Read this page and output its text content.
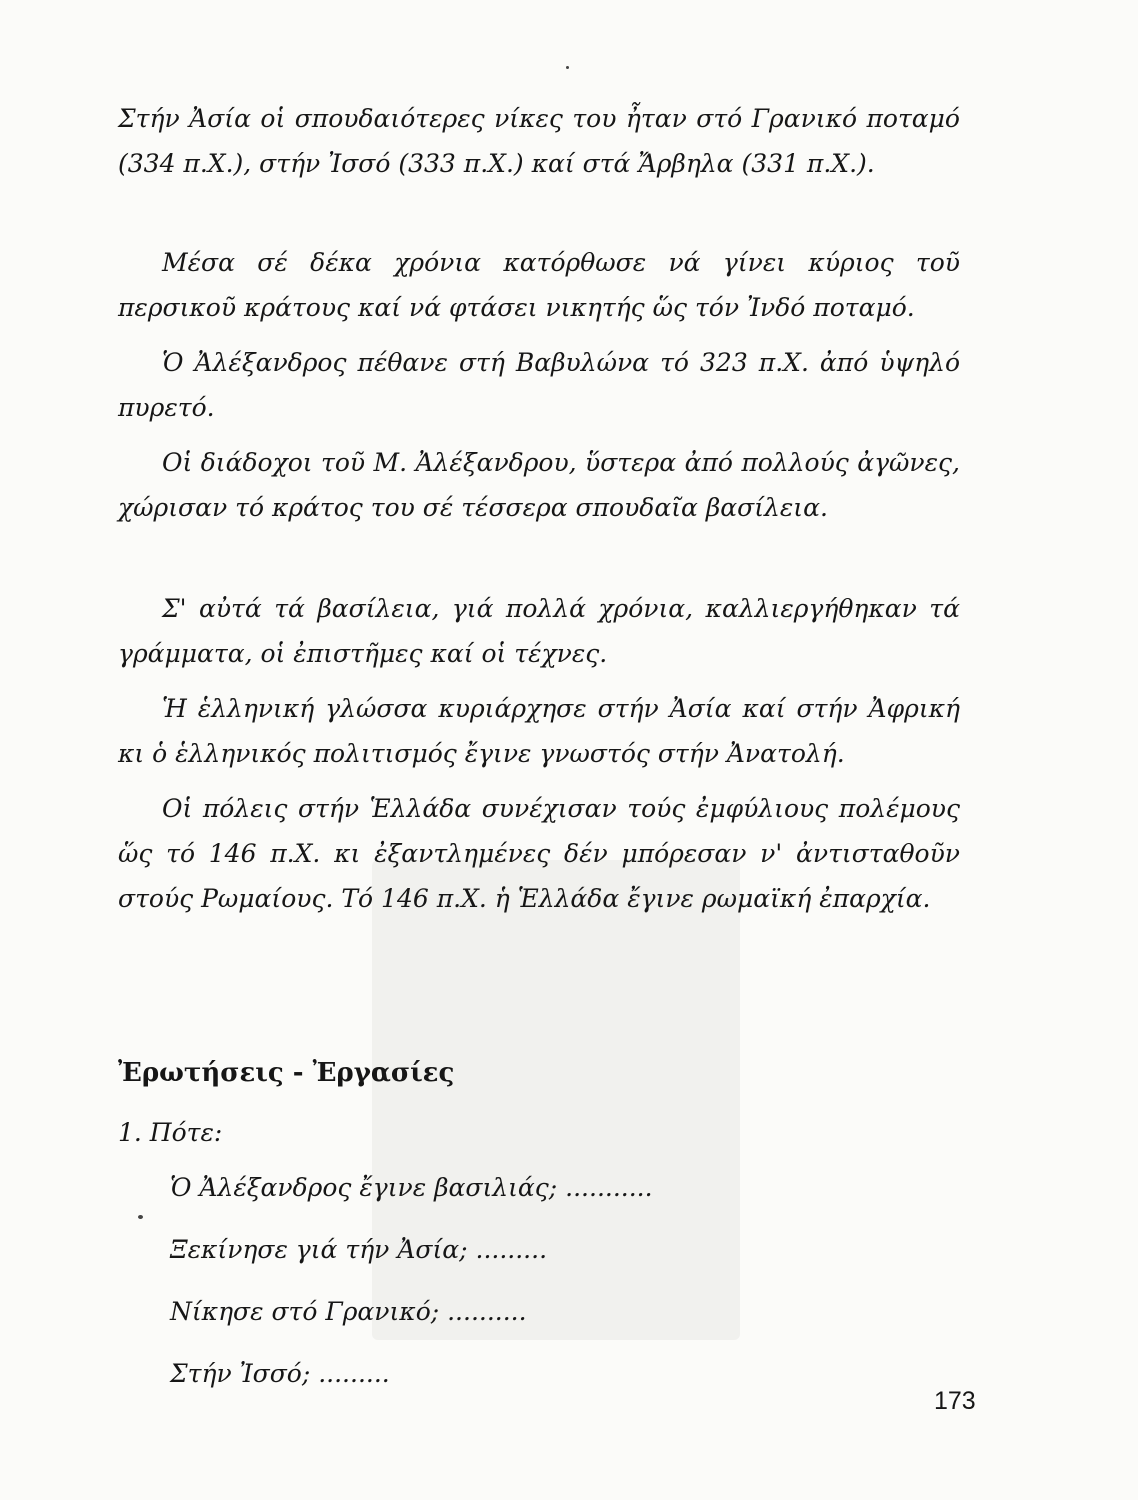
Στήν Ἀσία οἱ σπουδαιότερες νίκες του ἦταν στό Γρανικό ποταμό (334 π.Χ.), στήν Ἰσσό (333 π.Χ.) καί στά Ἄρβηλα (331 π.Χ.).

Μέσα σέ δέκα χρόνια κατόρθωσε νά γίνει κύριος τοῦ περσικοῦ κράτους καί νά φτάσει νικητής ὥς τόν Ἰνδό ποταμό.

Ὁ Ἀλέξανδρος πέθανε στή Βαβυλώνα τό 323 π.Χ. ἀπό ὑψηλό πυρετό.

Οἱ διάδοχοι τοῦ Μ. Ἀλέξανδρου, ὕστερα ἀπό πολλούς ἀγῶνες, χώρισαν τό κράτος του σέ τέσσερα σπουδαῖα βασίλεια.

Σ' αὐτά τά βασίλεια, γιά πολλά χρόνια, καλλιεργήθηκαν τά γράμματα, οἱ ἐπιστῆμες καί οἱ τέχνες.

Ἡ ἑλληνική γλώσσα κυριάρχησε στήν Ἀσία καί στήν Ἀφρική κι ὁ ἑλληνικός πολιτισμός ἔγινε γνωστός στήν Ἀνατολή.

Οἱ πόλεις στήν Ἑλλάδα συνέχισαν τούς ἐμφύλιους πολέμους ὥς τό 146 π.Χ. κι ἐξαντλημένες δέν μπόρεσαν ν' ἀντισταθοῦν στούς Ρωμαίους. Τό 146 π.Χ. ἡ Ἑλλάδα ἔγινε ρωμαϊκή ἐπαρχία.

Ἐρωτήσεις - Ἐργασίες
1. Πότε:
Ὁ Ἀλέξανδρος ἔγινε βασιλιάς; ...........
Ξεκίνησε γιά τήν Ἀσία; .........
Νίκησε στό Γρανικό; ..........
Στήν Ἰσσό; .........
173
